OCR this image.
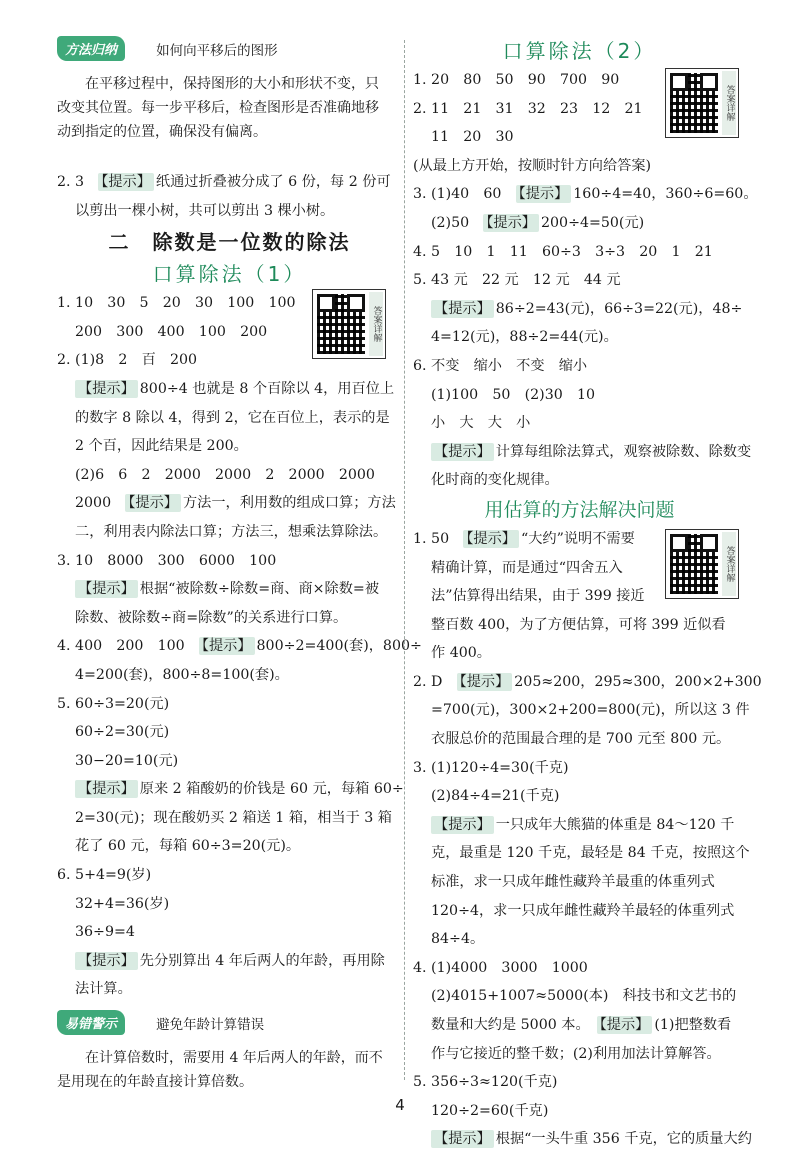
方法归纳	如何向平移后的图形

在平移过程中，保持图形的大小和形状不变，只改变其位置。每一步平移后，检查图形是否准确地移动到指定的位置，确保没有偏离。

2. 3　【提示】 纸通过折叠被分成了 6 份，每 2 份可
以剪出一棵小树，共可以剪出 3 棵小树。
二　除数是一位数的除法
口算除法（1）
答案详解
1. 10　30　5　20　30　100　100
200　300　400　100　200
2. (1)8　2　百　200
【提示】 800÷4 也就是 8 个百除以 4，用百位上
的数字 8 除以 4，得到 2，它在百位上，表示的是
2 个百，因此结果是 200。
(2)6　6　2　2000　2000　2　2000　2000
2000　【提示】 方法一，利用数的组成口算；方法
二，利用表内除法口算；方法三，想乘法算除法。
3. 10　8000　300　6000　100
【提示】 根据“被除数÷除数=商、商×除数=被
除数、被除数÷商=除数”的关系进行口算。
4. 400　200　100　【提示】 800÷2=400(套)，800÷
4=200(套)，800÷8=100(套)。
5. 60÷3=20(元)
60÷2=30(元)
30−20=10(元)
【提示】 原来 2 箱酸奶的价钱是 60 元，每箱 60÷
2=30(元)；现在酸奶买 2 箱送 1 箱，相当于 3 箱
花了 60 元，每箱 60÷3=20(元)。
6. 5+4=9(岁)
32+4=36(岁)
36÷9=4
【提示】 先分别算出 4 年后两人的年龄，再用除
法计算。
易错警示	避免年龄计算错误

在计算倍数时，需要用 4 年后两人的年龄，而不是用现在的年龄直接计算倍数。

口算除法（2）
答案详解
1. 20　80　50　90　700　90
2. 11　21　31　32　23　12　21
11　20　30
(从最上方开始，按顺时针方向给答案)
3. (1)40　60　【提示】 160÷4=40，360÷6=60。
(2)50　【提示】 200÷4=50(元)
4. 5　10　1　11　60÷3　3÷3　20　1　21
5. 43 元　22 元　12 元　44 元
【提示】 86÷2=43(元)，66÷3=22(元)，48÷
4=12(元)，88÷2=44(元)。
6. 不变　缩小　不变　缩小
(1)100　50　(2)30　10
小　大　大　小
【提示】 计算每组除法算式，观察被除数、除数变
化时商的变化规律。
用估算的方法解决问题
答案详解
1. 50　【提示】 “大约”说明不需要
精确计算，而是通过“四舍五入
法”估算得出结果，由于 399 接近
整百数 400，为了方便估算，可将 399 近似看
作 400。
2. D　【提示】 205≈200，295≈300，200×2+300
=700(元)，300×2+200=800(元)，所以这 3 件
衣服总价的范围最合理的是 700 元至 800 元。
3. (1)120÷4=30(千克)
(2)84÷4=21(千克)
【提示】 一只成年大熊猫的体重是 84～120 千
克，最重是 120 千克，最轻是 84 千克，按照这个
标准，求一只成年雌性藏羚羊最重的体重列式
120÷4，求一只成年雌性藏羚羊最轻的体重列式
84÷4。
4. (1)4000　3000　1000
(2)4015+1007≈5000(本)　科技书和文艺书的
数量和大约是 5000 本。　【提示】 (1)把整数看
作与它接近的整千数；(2)利用加法计算解答。
5. 356÷3≈120(千克)
120÷2=60(千克)
【提示】 根据“一头牛重 356 千克，它的质量大约
4
